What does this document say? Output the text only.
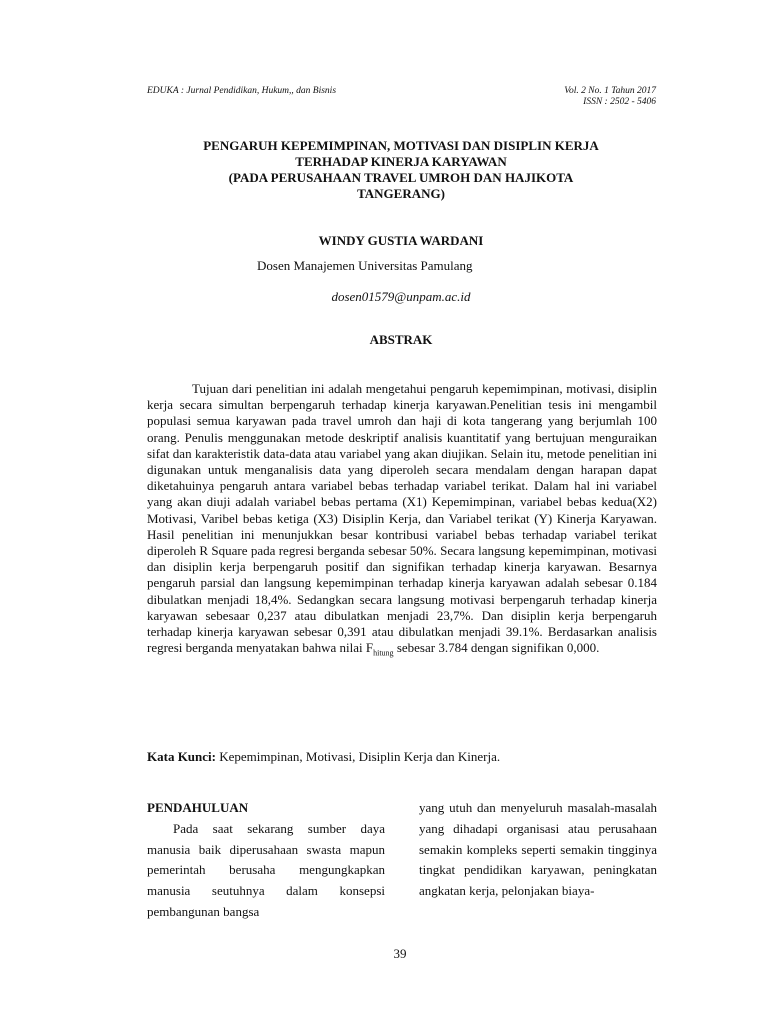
EDUKA : Jurnal Pendidikan, Hukum,, dan Bisnis	Vol. 2 No. 1 Tahun 2017
ISSN : 2502 - 5406
PENGARUH KEPEMIMPINAN, MOTIVASI DAN DISIPLIN KERJA
TERHADAP KINERJA KARYAWAN
(PADA PERUSAHAAN TRAVEL UMROH DAN HAJIKOTA
TANGERANG)
WINDY GUSTIA WARDANI
Dosen Manajemen Universitas Pamulang
dosen01579@unpam.ac.id
ABSTRAK

Tujuan dari penelitian ini adalah mengetahui pengaruh kepemimpinan, motivasi, disiplin kerja secara simultan berpengaruh terhadap kinerja karyawan.Penelitian tesis ini mengambil populasi semua karyawan pada travel umroh dan haji di kota tangerang yang berjumlah 100 orang. Penulis menggunakan metode deskriptif analisis kuantitatif yang bertujuan menguraikan sifat dan karakteristik data-data atau variabel yang akan diujikan. Selain itu, metode penelitian ini digunakan untuk menganalisis data yang diperoleh secara mendalam dengan harapan dapat diketahuinya pengaruh antara variabel bebas terhadap variabel terikat. Dalam hal ini variabel yang akan diuji adalah variabel bebas pertama (X1) Kepemimpinan, variabel bebas kedua(X2) Motivasi, Varibel bebas ketiga (X3) Disiplin Kerja, dan Variabel terikat (Y) Kinerja Karyawan. Hasil penelitian ini menunjukkan besar kontribusi variabel bebas terhadap variabel terikat diperoleh R Square pada regresi berganda sebesar 50%. Secara langsung kepemimpinan, motivasi dan disiplin kerja berpengaruh positif dan signifikan terhadap kinerja karyawan. Besarnya pengaruh parsial dan langsung kepemimpinan terhadap kinerja karyawan adalah sebesar 0.184 dibulatkan menjadi 18,4%. Sedangkan secara langsung motivasi berpengaruh terhadap kinerja karyawan sebesaar 0,237 atau dibulatkan menjadi 23,7%. Dan disiplin kerja berpengaruh terhadap kinerja karyawan sebesar 0,391 atau dibulatkan menjadi 39.1%. Berdasarkan analisis regresi berganda menyatakan bahwa nilai $F_{hitung}$ sebesar 3.784 dengan signifikan 0,000.

Kata Kunci: Kepemimpinan, Motivasi, Disiplin Kerja dan Kinerja.
PENDAHULUAN

Pada saat sekarang sumber daya manusia baik diperusahaan swasta mapun pemerintah berusaha mengungkapkan manusia seutuhnya dalam konsepsi pembangunan bangsa

yang utuh dan menyeluruh masalah-masalah yang dihadapi organisasi atau perusahaan semakin kompleks seperti semakin tingginya tingkat pendidikan karyawan, peningkatan angkatan kerja, pelonjakan biaya-

39
